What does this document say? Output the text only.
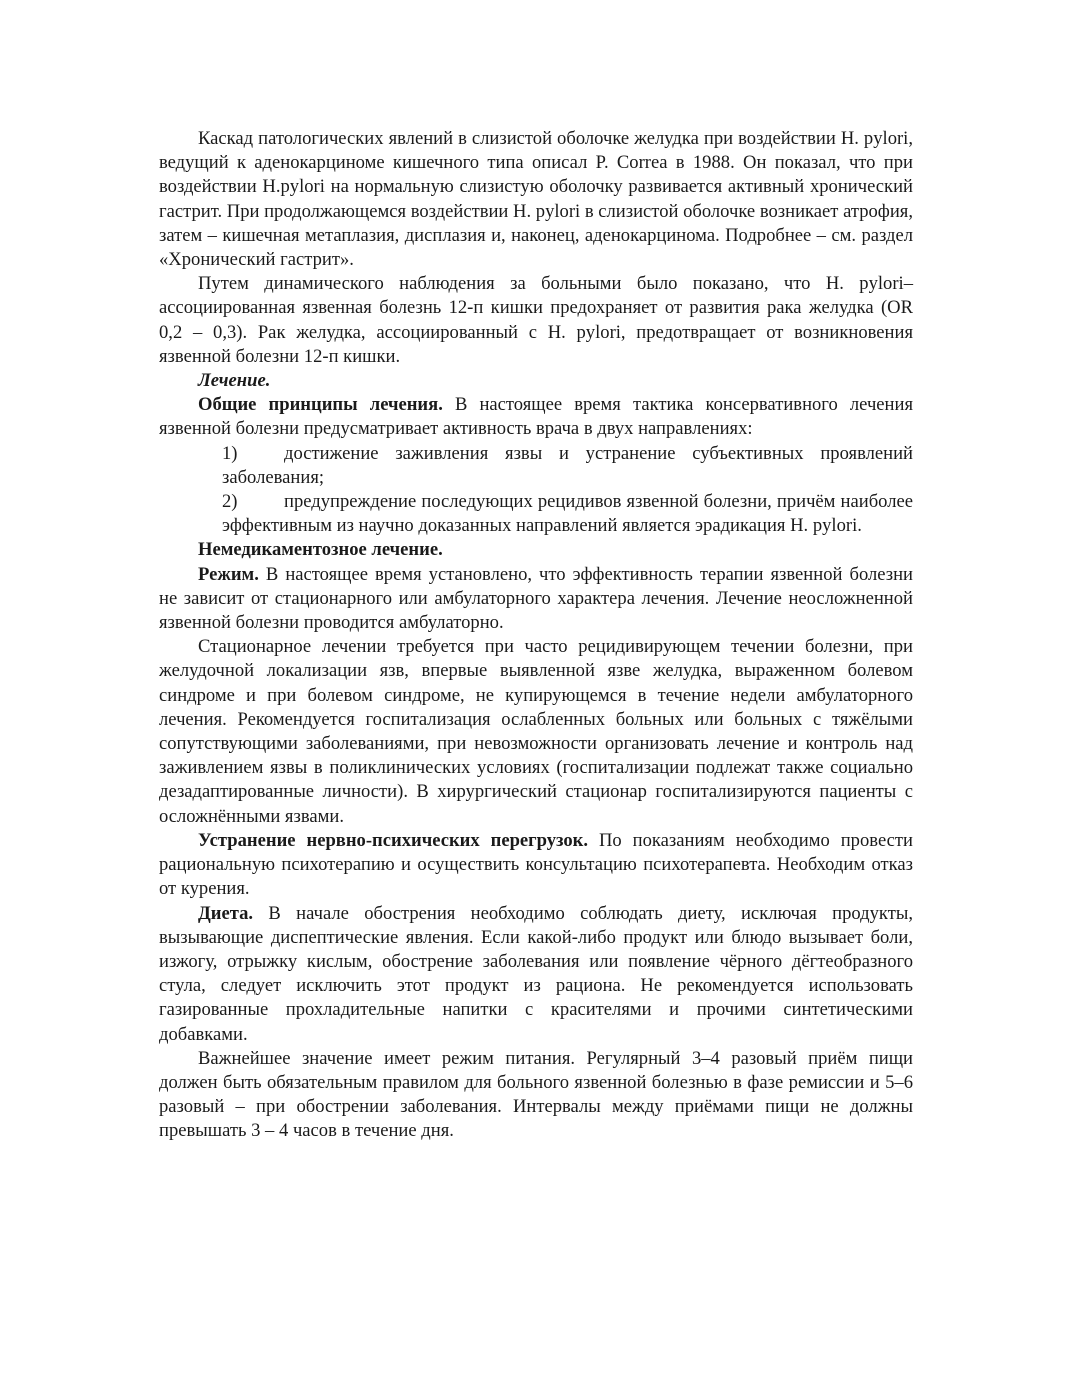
Каскад патологических явлений в слизистой оболочке желудка при воздействии H. pylori, ведущий к аденокарциноме кишечного типа описал P. Correa в 1988. Он показал, что при воздействии H.pylori на нормальную слизистую оболочку развивается активный хронический гастрит. При продолжающемся воздействии H. pylori в слизистой оболочке возникает атрофия, затем – кишечная метаплазия, дисплазия и, наконец, аденокарцинома. Подробнее – см. раздел «Хронический гастрит».

Путем динамического наблюдения за больными было показано, что H. pylori–ассоциированная язвенная болезнь 12-п кишки предохраняет от развития рака желудка (OR 0,2 – 0,3). Рак желудка, ассоциированный с H. pylori, предотвращает от возникновения язвенной болезни 12-п кишки.

Лечение.

Общие принципы лечения. В настоящее время тактика консервативного лечения язвенной болезни предусматривает активность врача в двух направлениях:

1)	достижение заживления язвы и устранение субъективных проявлений заболевания;

2)	предупреждение последующих рецидивов язвенной болезни, причём наиболее эффективным из научно доказанных направлений является эрадикация H. pylori.

Немедикаментозное лечение.

Режим. В настоящее время установлено, что эффективность терапии язвенной болезни не зависит от стационарного или амбулаторного характера лечения. Лечение неосложненной язвенной болезни проводится амбулаторно.

Стационарное лечении требуется при часто рецидивирующем течении болезни, при желудочной локализации язв, впервые выявленной язве желудка, выраженном болевом синдроме и при болевом синдроме, не купирующемся в течение недели амбулаторного лечения. Рекомендуется госпитализация ослабленных больных или больных с тяжёлыми сопутствующими заболеваниями, при невозможности организовать лечение и контроль над заживлением язвы в поликлинических условиях (госпитализации подлежат также социально дезадаптированные личности). В хирургический стационар госпитализируются пациенты с осложнёнными язвами.

Устранение нервно-психических перегрузок. По показаниям необходимо провести рациональную психотерапию и осуществить консультацию психотерапевта. Необходим отказ от курения.

Диета. В начале обострения необходимо соблюдать диету, исключая продукты, вызывающие диспептические явления. Если какой-либо продукт или блюдо вызывает боли, изжогу, отрыжку кислым, обострение заболевания или появление чёрного дёгтеобразного стула, следует исключить этот продукт из рациона. Не рекомендуется использовать газированные прохладительные напитки с красителями и прочими синтетическими добавками.

Важнейшее значение имеет режим питания. Регулярный 3–4 разовый приём пищи должен быть обязательным правилом для больного язвенной болезнью в фазе ремиссии и 5–6 разовый – при обострении заболевания. Интервалы между приёмами пищи не должны превышать 3 – 4 часов в течение дня.
